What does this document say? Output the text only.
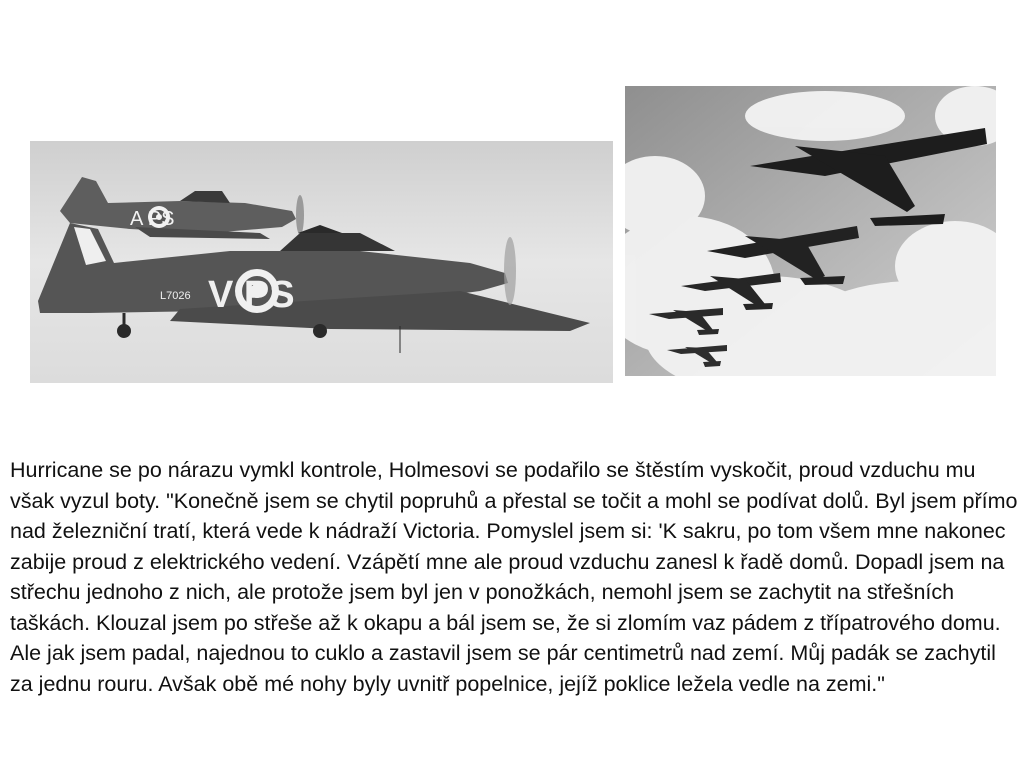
A PS
V PS
L7026

Hurricane se po nárazu vymkl kontrole, Holmesovi se podařilo se štěstím vyskočit, proud vzduchu mu však vyzul boty. "Konečně jsem se chytil popruhů a přestal se točit a mohl se podívat dolů. Byl jsem přímo nad železniční tratí, která vede k nádraží Victoria. Pomyslel jsem si: 'K sakru, po tom všem mne nakonec zabije proud z elektrického vedení. Vzápětí mne ale proud vzduchu zanesl k řadě domů. Dopadl jsem na střechu jednoho z nich, ale protože jsem byl jen v ponožkách, nemohl jsem se zachytit na střešních taškách. Klouzal jsem po střeše až k okapu a bál jsem se, že si zlomím vaz pádem z třípatrového domu. Ale jak jsem padal, najednou to cuklo a zastavil jsem se pár centimetrů nad zemí. Můj padák se zachytil za jednu rouru. Avšak obě mé nohy byly uvnitř popelnice, jejíž poklice ležela vedle na zemi."
